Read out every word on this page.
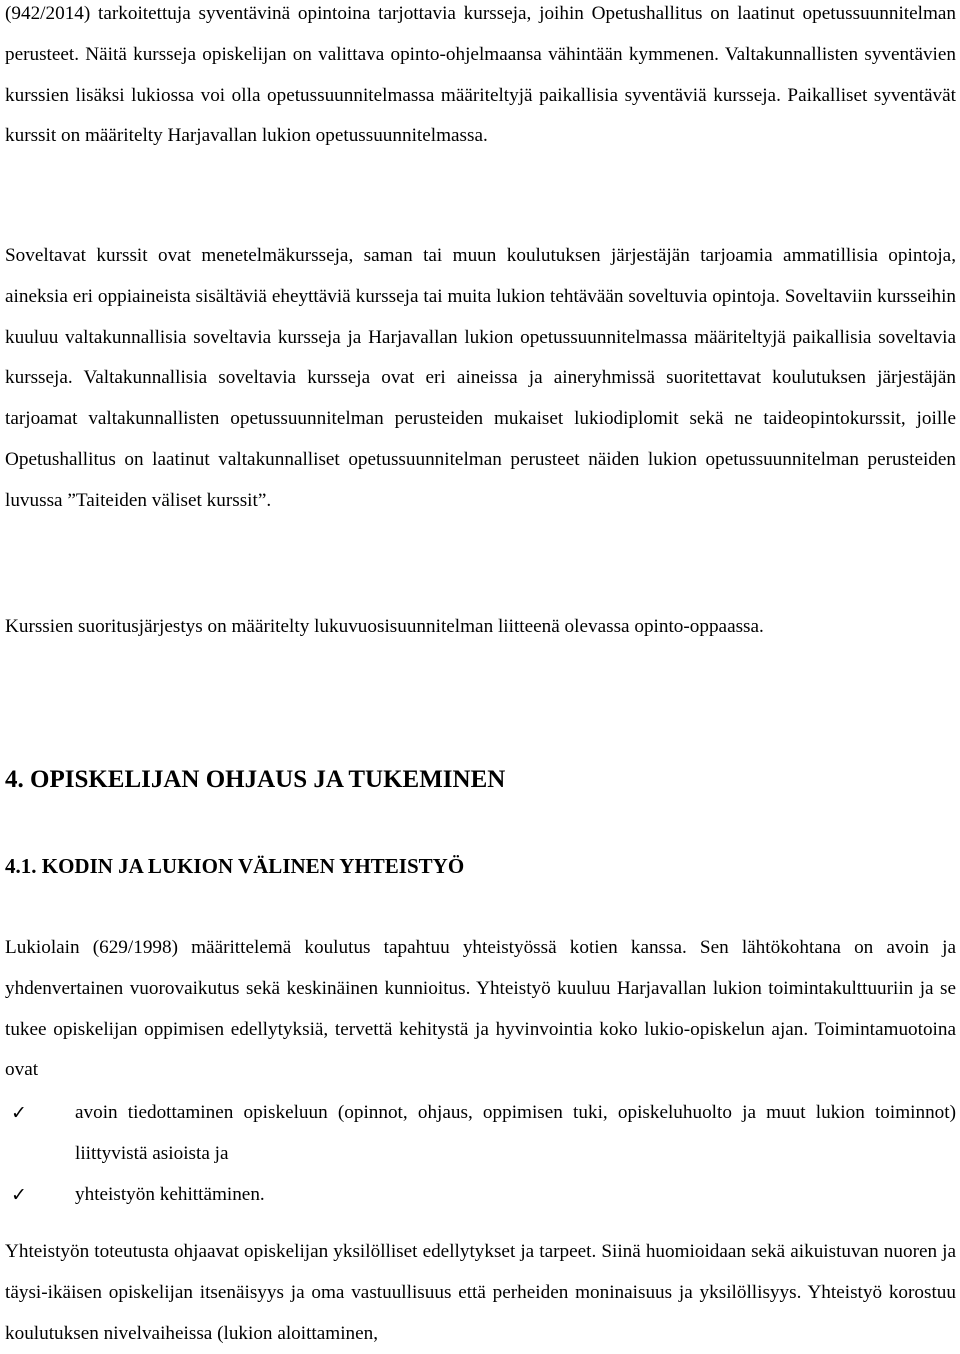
(942/2014) tarkoitettuja syventävinä opintoina tarjottavia kursseja, joihin Opetushallitus on laatinut opetussuunnitelman perusteet. Näitä kursseja opiskelijan on valittava opinto-ohjelmaansa vähintään kymmenen. Valtakunnallisten syventävien kurssien lisäksi lukiossa voi olla opetussuunnitelmassa määriteltyjä paikallisia syventäviä kursseja. Paikalliset syventävät kurssit on määritelty Harjavallan lukion opetussuunnitelmassa.

Soveltavat kurssit ovat menetelmäkursseja, saman tai muun koulutuksen järjestäjän tarjoamia ammatillisia opintoja, aineksia eri oppiaineista sisältäviä eheyttäviä kursseja tai muita lukion tehtävään soveltuvia opintoja. Soveltaviin kursseihin kuuluu valtakunnallisia soveltavia kursseja ja Harjavallan lukion opetussuunnitelmassa määriteltyjä paikallisia soveltavia kursseja. Valtakunnallisia soveltavia kursseja ovat eri aineissa ja aineryhmissä suoritettavat koulutuksen järjestäjän tarjoamat valtakunnallisten opetussuunnitelman perusteiden mukaiset lukiodiplomit sekä ne taideopintokurssit, joille Opetushallitus on laatinut valtakunnalliset opetussuunnitelman perusteet näiden lukion opetussuunnitelman perusteiden luvussa ”Taiteiden väliset kurssit”.

Kurssien suoritusjärjestys on määritelty lukuvuosisuunnitelman liitteenä olevassa opinto-oppaassa.

4. OPISKELIJAN OHJAUS JA TUKEMINEN
4.1. KODIN JA LUKION VÄLINEN YHTEISTYÖ

Lukiolain (629/1998) määrittelemä koulutus tapahtuu yhteistyössä kotien kanssa. Sen lähtökohtana on avoin ja yhdenvertainen vuorovaikutus sekä keskinäinen kunnioitus. Yhteistyö kuuluu Harjavallan lukion toimintakulttuuriin ja se tukee opiskelijan oppimisen edellytyksiä, tervettä kehitystä ja hyvinvointia koko lukio-opiskelun ajan. Toimintamuotoina ovat

✓	avoin tiedottaminen opiskeluun (opinnot, ohjaus, oppimisen tuki, opiskeluhuolto ja muut lukion toiminnot) liittyvistä asioista ja
✓	yhteistyön kehittäminen.

Yhteistyön toteutusta ohjaavat opiskelijan yksilölliset edellytykset ja tarpeet. Siinä huomioidaan sekä aikuistuvan nuoren ja täysi-ikäisen opiskelijan itsenäisyys ja oma vastuullisuus että perheiden moninaisuus ja yksilöllisyys. Yhteistyö korostuu koulutuksen nivelvaiheissa (lukion aloittaminen,
